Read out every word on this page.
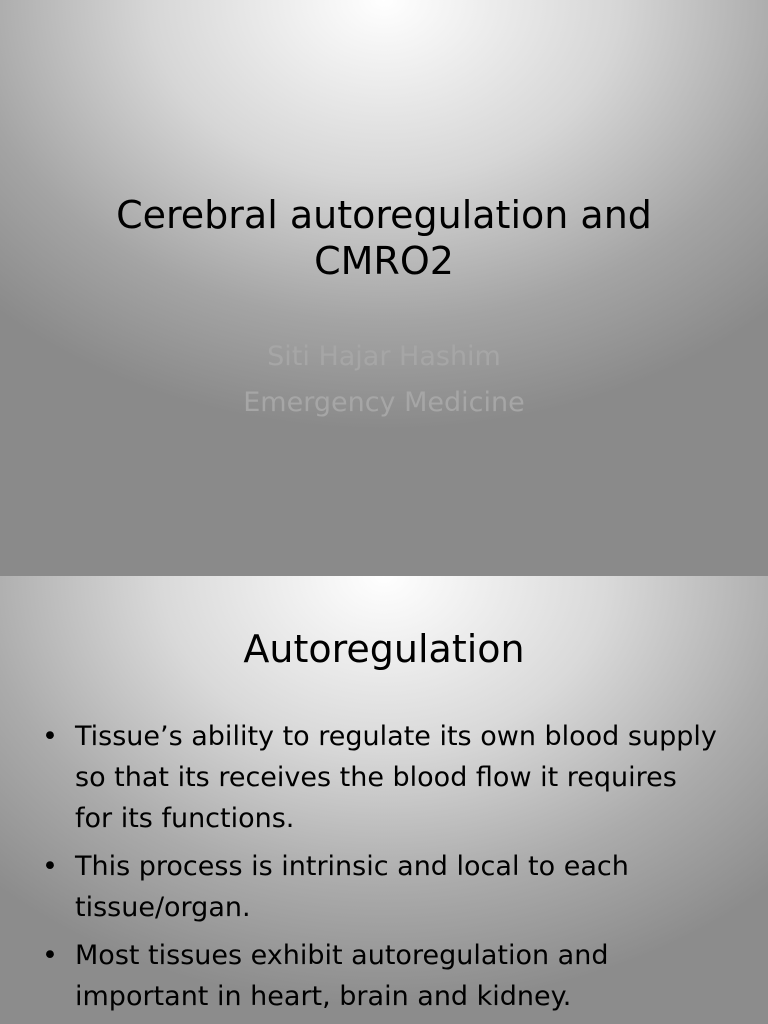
Cerebral autoregulation and
CMRO2
Siti Hajar Hashim
Emergency Medicine
Autoregulation
• Tissue’s ability to regulate its own blood supply so that its receives the blood flow it requires for its functions.
• This process is intrinsic and local to each tissue/organ.
• Most tissues exhibit autoregulation and important in heart, brain and kidney.
